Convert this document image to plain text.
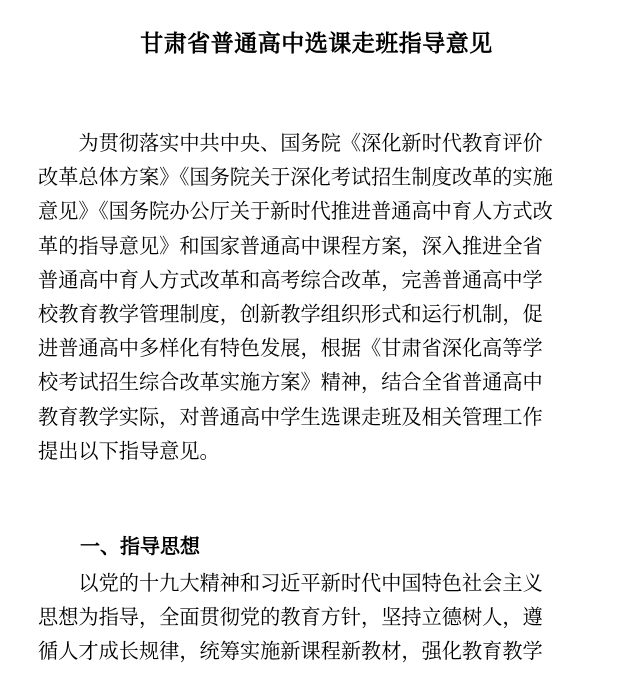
甘肃省普通高中选课走班指导意见
　　为贯彻落实中共中央、国务院《深化新时代教育评价
改革总体方案》《国务院关于深化考试招生制度改革的实施
意见》《国务院办公厅关于新时代推进普通高中育人方式改
革的指导意见》和国家普通高中课程方案，深入推进全省
普通高中育人方式改革和高考综合改革，完善普通高中学
校教育教学管理制度，创新教学组织形式和运行机制，促
进普通高中多样化有特色发展，根据《甘肃省深化高等学
校考试招生综合改革实施方案》精神，结合全省普通高中
教育教学实际，对普通高中学生选课走班及相关管理工作
提出以下指导意见。
一、指导思想
　　以党的十九大精神和习近平新时代中国特色社会主义
思想为指导，全面贯彻党的教育方针，坚持立德树人，遵
循人才成长规律，统筹实施新课程新教材，强化教育教学
